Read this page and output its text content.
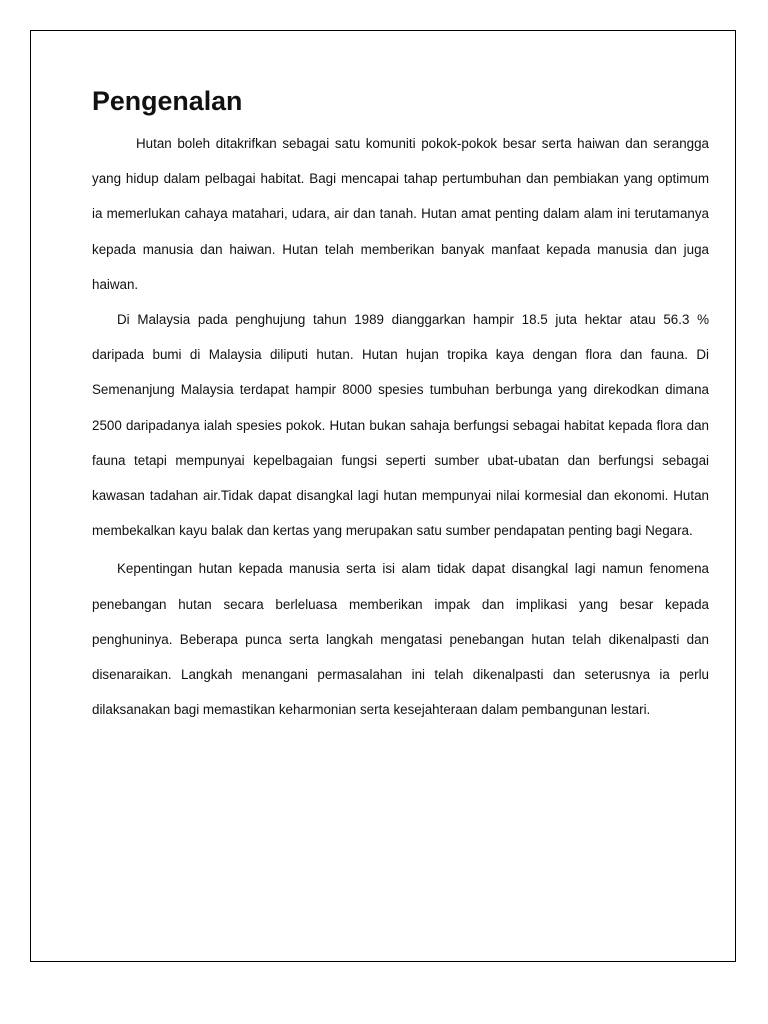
Pengenalan

Hutan boleh ditakrifkan sebagai satu komuniti pokok-pokok besar serta haiwan dan serangga yang hidup dalam pelbagai habitat. Bagi mencapai tahap pertumbuhan dan pembiakan yang optimum ia memerlukan cahaya matahari, udara, air dan tanah. Hutan amat penting dalam alam ini terutamanya kepada manusia dan haiwan. Hutan telah memberikan banyak manfaat kepada manusia dan juga haiwan.

Di Malaysia pada penghujung tahun 1989 dianggarkan hampir 18.5 juta hektar atau 56.3 % daripada bumi di Malaysia diliputi hutan. Hutan hujan tropika kaya dengan flora dan fauna. Di Semenanjung Malaysia terdapat hampir 8000 spesies tumbuhan berbunga yang direkodkan dimana 2500 daripadanya ialah spesies pokok. Hutan bukan sahaja berfungsi sebagai habitat kepada flora dan fauna tetapi mempunyai kepelbagaian fungsi seperti sumber ubat-ubatan dan berfungsi sebagai kawasan tadahan air.Tidak dapat disangkal lagi hutan mempunyai nilai kormesial dan ekonomi. Hutan membekalkan kayu balak dan kertas yang merupakan satu sumber pendapatan penting bagi Negara.

Kepentingan hutan kepada manusia serta isi alam tidak dapat disangkal lagi namun fenomena penebangan hutan secara berleluasa memberikan impak dan implikasi yang besar kepada penghuninya. Beberapa punca serta langkah mengatasi penebangan hutan telah dikenalpasti dan disenaraikan. Langkah menangani permasalahan ini telah dikenalpasti dan seterusnya ia perlu dilaksanakan bagi memastikan keharmonian serta kesejahteraan dalam pembangunan lestari.
